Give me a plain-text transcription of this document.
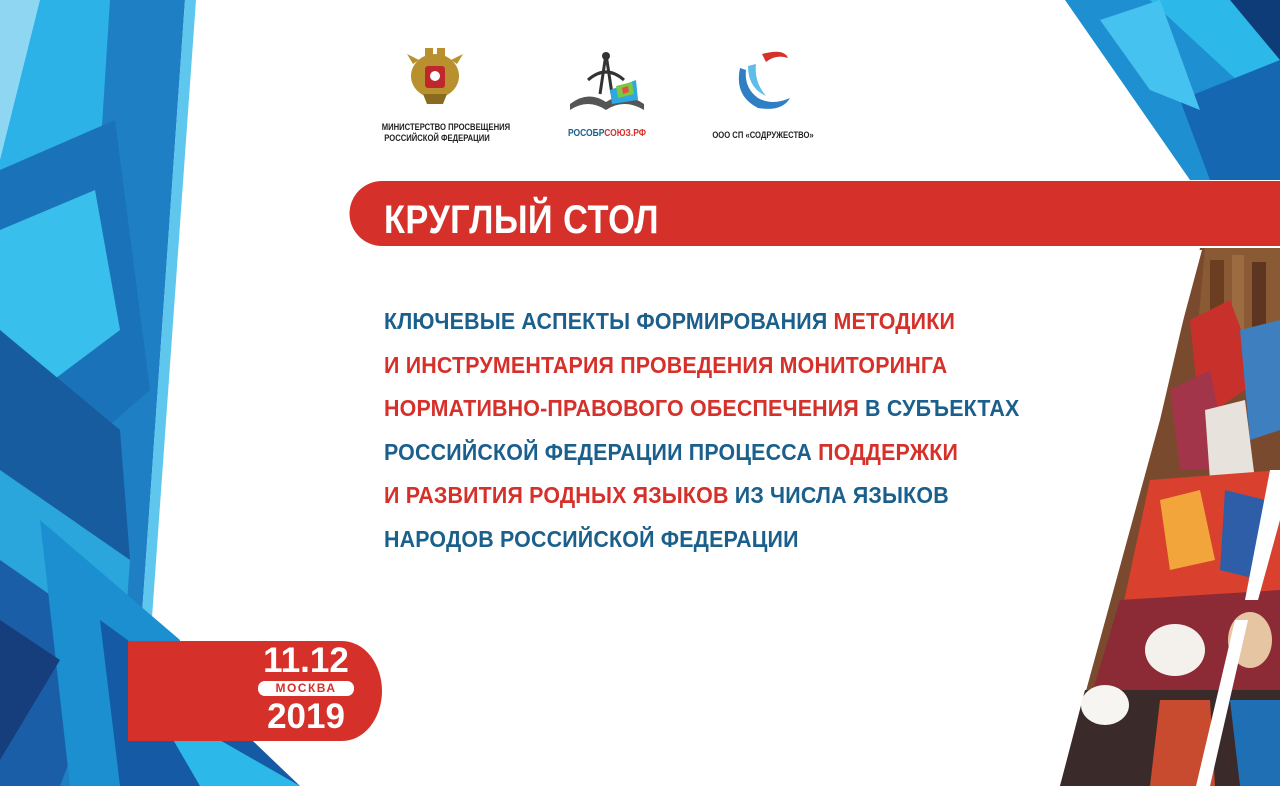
МИНИСТЕРСТВО ПРОСВЕЩЕНИЯ
РОССИЙСКОЙ ФЕДЕРАЦИИ	РОСОБРСОЮЗ.РФ	ООО СП «СОДРУЖЕСТВО»
КРУГЛЫЙ СТОЛ
КЛЮЧЕВЫЕ АСПЕКТЫ ФОРМИРОВАНИЯ МЕТОДИКИ
И ИНСТРУМЕНТАРИЯ ПРОВЕДЕНИЯ МОНИТОРИНГА
НОРМАТИВНО-ПРАВОВОГО ОБЕСПЕЧЕНИЯ В СУБЪЕКТАХ
РОССИЙСКОЙ ФЕДЕРАЦИИ ПРОЦЕССА ПОДДЕРЖКИ
И РАЗВИТИЯ РОДНЫХ ЯЗЫКОВ ИЗ ЧИСЛА ЯЗЫКОВ
НАРОДОВ РОССИЙСКОЙ ФЕДЕРАЦИИ
11.12
МОСКВА
2019
